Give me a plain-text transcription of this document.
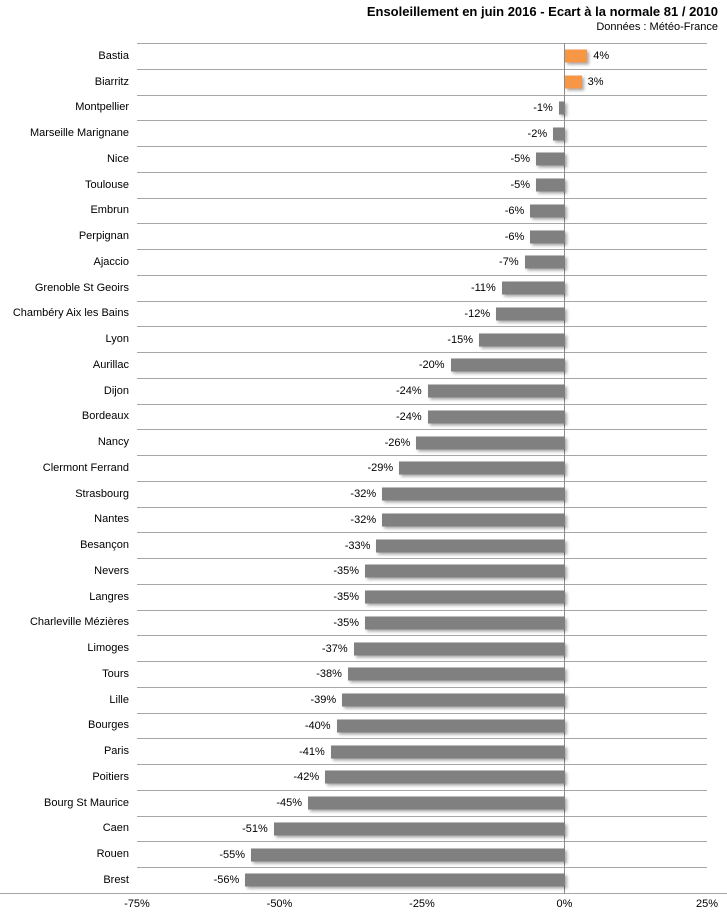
Ensoleillement en juin 2016 - Ecart à la normale 81 / 2010
Données : Météo-France
Bastia	4%
Biarritz	3%
Montpellier	-1%
Marseille Marignane	-2%
Nice	-5%
Toulouse	-5%
Embrun	-6%
Perpignan	-6%
Ajaccio	-7%
Grenoble St Geoirs	-11%
Chambéry Aix les Bains	-12%
Lyon	-15%
Aurillac	-20%
Dijon	-24%
Bordeaux	-24%
Nancy	-26%
Clermont Ferrand	-29%
Strasbourg	-32%
Nantes	-32%
Besançon	-33%
Nevers	-35%
Langres	-35%
Charleville Mézières	-35%
Limoges	-37%
Tours	-38%
Lille	-39%
Bourges	-40%
Paris	-41%
Poitiers	-42%
Bourg St Maurice	-45%
Caen	-51%
Rouen	-55%
Brest	-56%
-75%	-50%	-25%	0%	25%
